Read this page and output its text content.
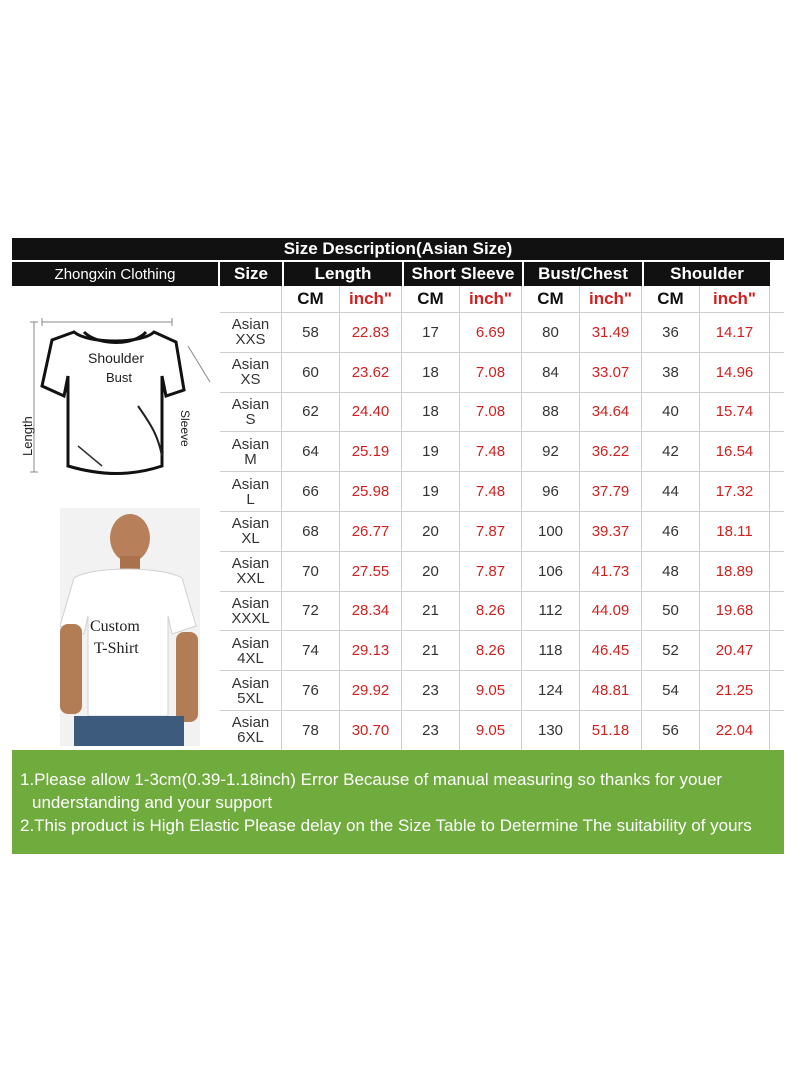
Size Description(Asian Size)
Zhongxin Clothing	Size	Length	Short Sleeve	Bust/Chest	Shoulder
Shoulder
Bust
Sleeve
Length
Custom
T-Shirt
CM	inch"	CM	inch"	CM	inch"	CM	inch"
Asian
XXS	58	22.83	17	6.69	80	31.49	36	14.17
Asian
XS	60	23.62	18	7.08	84	33.07	38	14.96
Asian
S	62	24.40	18	7.08	88	34.64	40	15.74
Asian
M	64	25.19	19	7.48	92	36.22	42	16.54
Asian
L	66	25.98	19	7.48	96	37.79	44	17.32
Asian
XL	68	26.77	20	7.87	100	39.37	46	18.11
Asian
XXL	70	27.55	20	7.87	106	41.73	48	18.89
Asian
XXXL	72	28.34	21	8.26	112	44.09	50	19.68
Asian
4XL	74	29.13	21	8.26	118	46.45	52	20.47
Asian
5XL	76	29.92	23	9.05	124	48.81	54	21.25
Asian
6XL	78	30.70	23	9.05	130	51.18	56	22.04
1.Please allow 1-3cm(0.39-1.18inch) Error Because of manual measuring so thanks for youer
understanding and your support
2.This product is High Elastic Please delay on the Size Table to Determine The suitability of yours
